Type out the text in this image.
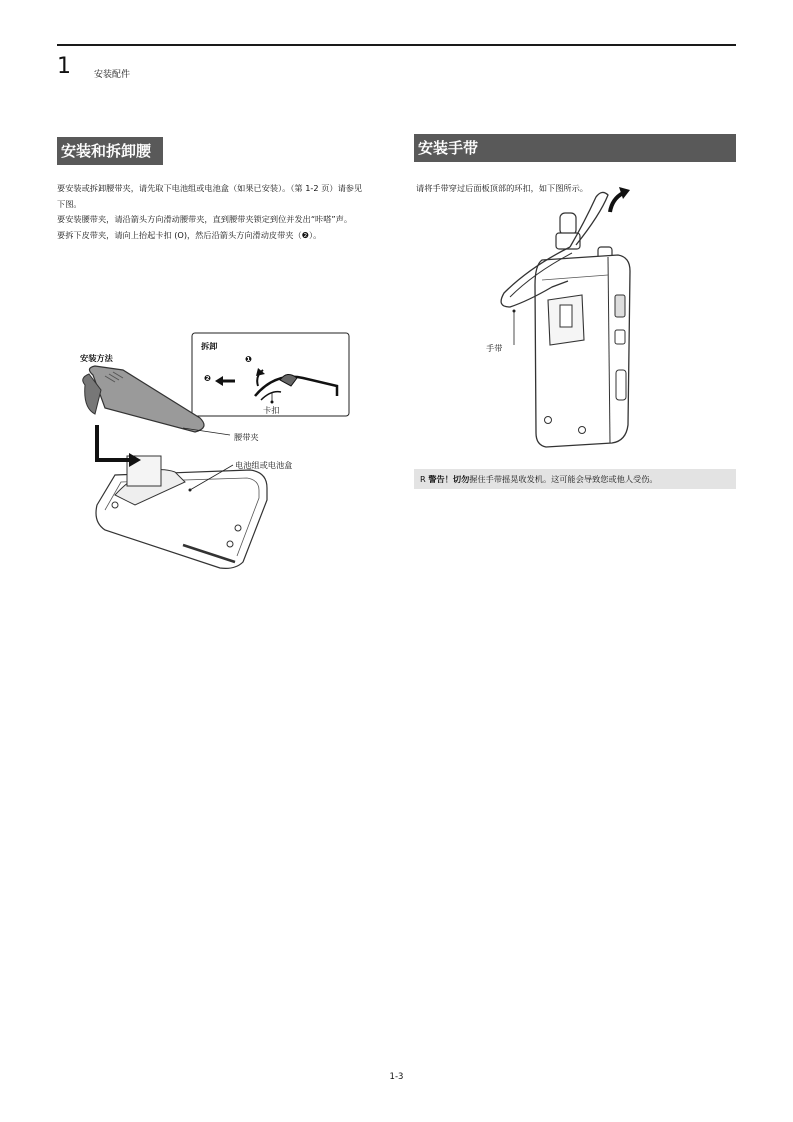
1	安装配件
安装和拆卸腰带夹

要安装或拆卸腰带夹，请先取下电池组或电池盒（如果已安装）。（第 1-2 页）请参见下图。

要安装腰带夹，请沿箭头方向滑动腰带夹，直到腰带夹锁定到位并发出“咔嗒”声。

要拆下皮带夹，请向上抬起卡扣 (O)，然后沿箭头方向滑动皮带夹（❷）。

安装方法
拆卸
❶
❷
卡扣
腰带夹
电池组或电池盒
安装手带
请将手带穿过后面板顶部的环扣，如下图所示。
手带
R 警告！切勿握住手带摇晃收发机。这可能会导致您或他人受伤。
1-3
